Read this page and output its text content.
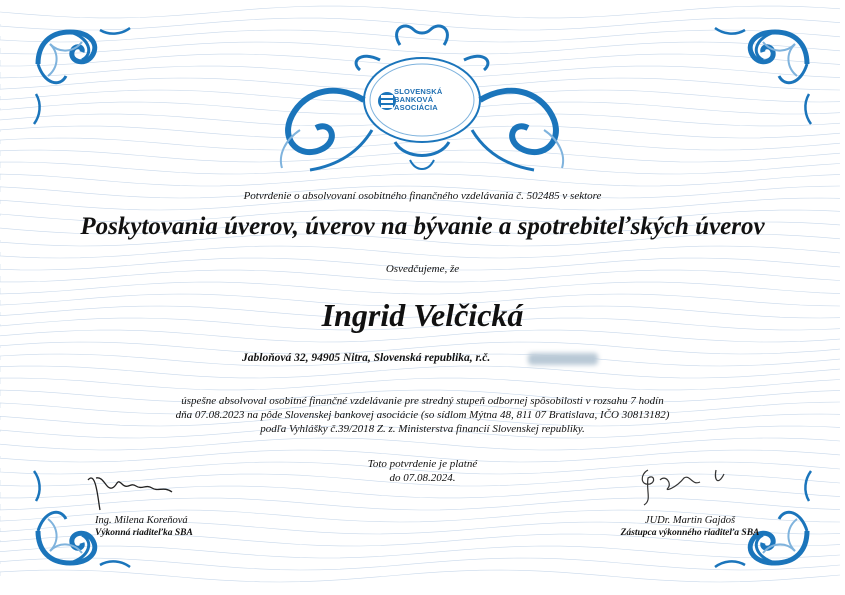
SLOVENSKÁ
BANKOVÁ
ASOCIÁCIA
Potvrdenie o absolvovaní osobitného finančného vzdelávania č. 502485 v sektore
Poskytovania úverov, úverov na bývanie a spotrebiteľských úverov
Osvedčujeme, že
Ingrid Velčická
Jabloňová 32, 94905 Nitra, Slovenská republika, r.č.
úspešne absolvoval osobitné finančné vzdelávanie pre stredný stupeň odbornej spôsobilosti v rozsahu 7 hodín
dňa 07.08.2023 na pôde Slovenskej bankovej asociácie (so sídlom Mýtna 48, 811 07 Bratislava, IČO 30813182)
podľa Vyhlášky č.39/2018 Z. z. Ministerstva financií Slovenskej republiky.
Toto potvrdenie je platné
do 07.08.2024.
Ing. Milena Koreňová
Výkonná riaditeľka SBA
JUDr. Martin Gajdoš
Zástupca výkonného riaditeľa SBA
